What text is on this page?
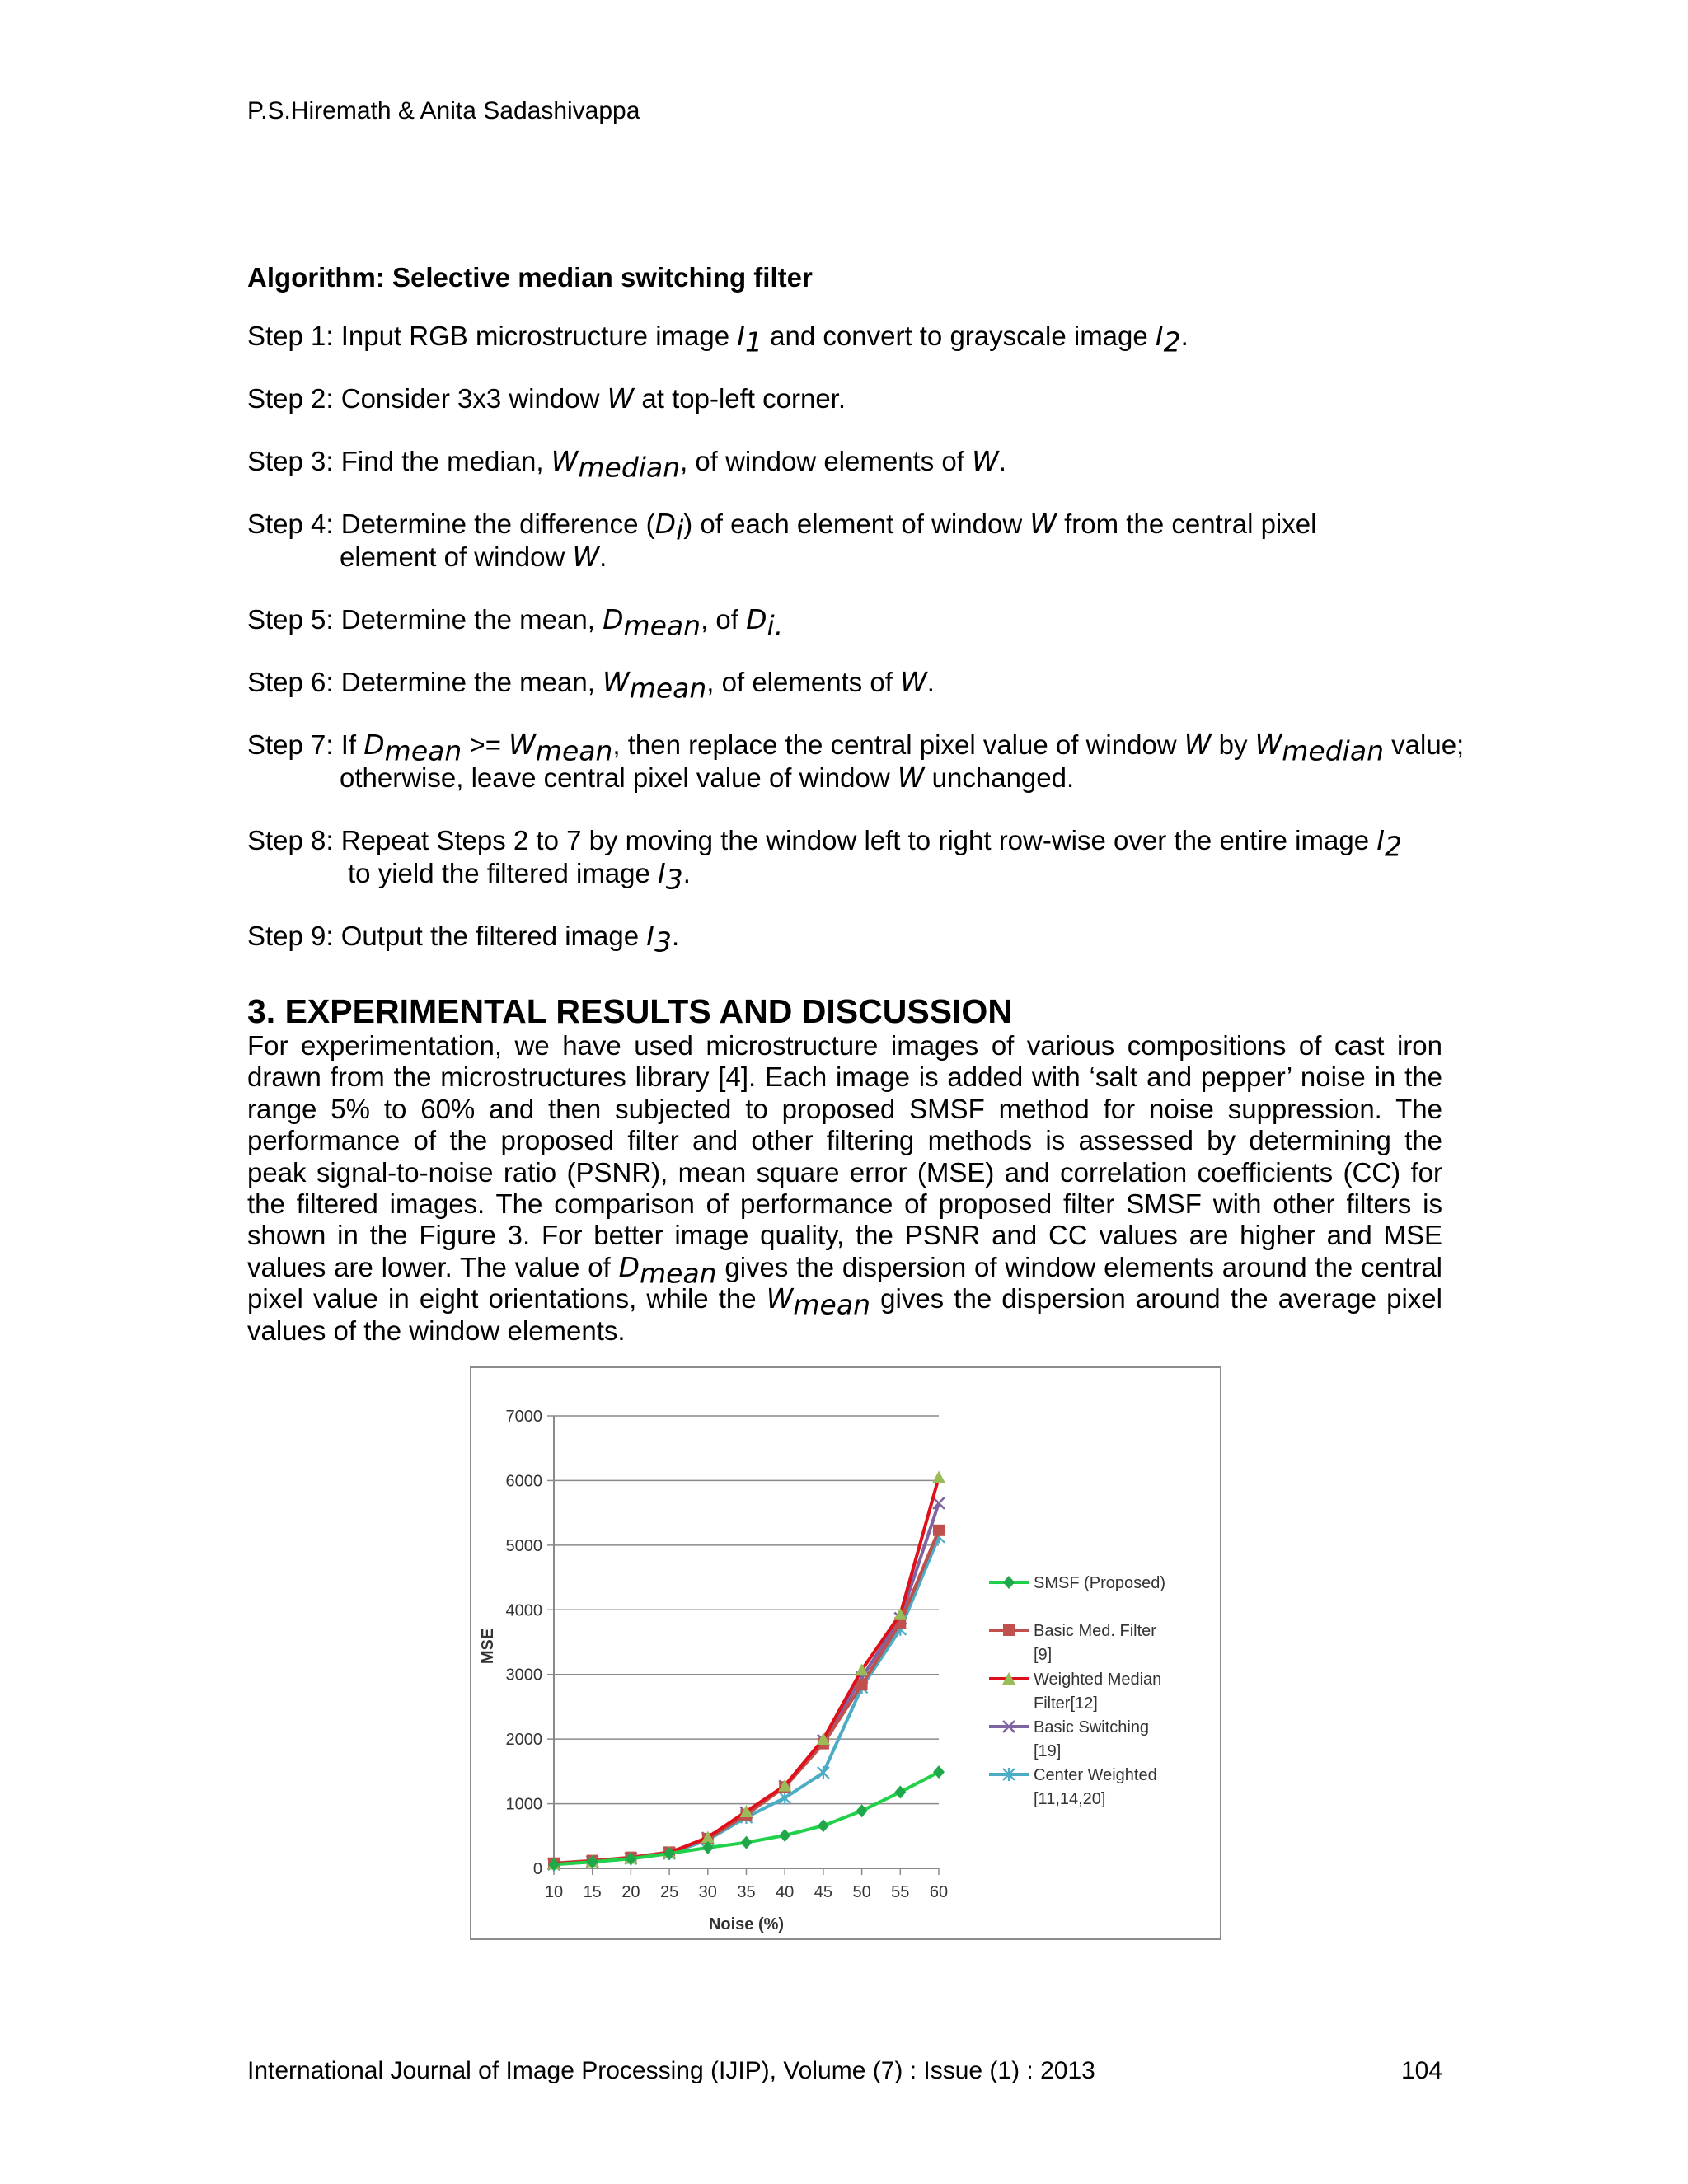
P.S.Hiremath & Anita Sadashivappa
Algorithm: Selective median switching filter
Step 1: Input RGB microstructure image $I_1$ and convert to grayscale image $I_2$.
Step 2: Consider 3x3 window W at top-left corner.
Step 3: Find the median, $W_{median}$, of window elements of W.
Step 4: Determine the difference $(D_i)$ of each element of window W from the central pixel
element of window W.
Step 5: Determine the mean, $D_{mean}$, of $D_{i.}$
Step 6: Determine the mean, $W_{mean}$, of elements of W.
Step 7: If $D_{mean} >= W_{mean}$, then replace the central pixel value of window W by $W_{median}$ value;
otherwise, leave central pixel value of window W unchanged.
Step 8: Repeat Steps 2 to 7 by moving the window left to right row-wise over the entire image $I_2$
to yield the filtered image $I_3$.
Step 9: Output the filtered image $I_3$.
3. EXPERIMENTAL RESULTS AND DISCUSSION
For experimentation, we have used microstructure images of various compositions of cast iron
drawn from the microstructures library [4]. Each image is added with ‘salt and pepper’ noise in the
range 5% to 60% and then subjected to proposed SMSF method for noise suppression. The
performance of the proposed filter and other filtering methods is assessed by determining the
peak signal-to-noise ratio (PSNR), mean square error (MSE) and correlation coefficients (CC) for
the filtered images. The comparison of performance of proposed filter SMSF with other filters is
shown in the Figure 3. For better image quality, the PSNR and CC values are higher and MSE
values are lower. The value of $D_{mean}$ gives the dispersion of window elements around the central
pixel value in eight orientations, while the $W_{mean}$ gives the dispersion around the average pixel
values of the window elements.
0
1000
2000
3000
4000
5000
6000
7000
10 15 20 25 30 35 40 45 50 55 60
Noise (%)
MSE
SMSF (Proposed)
Basic Med. Filter
[9]
Weighted Median
Filter[12]
Basic Switching
[19]
Center Weighted
[11,14,20]
International Journal of Image Processing (IJIP), Volume (7) : Issue (1) : 2013	104
